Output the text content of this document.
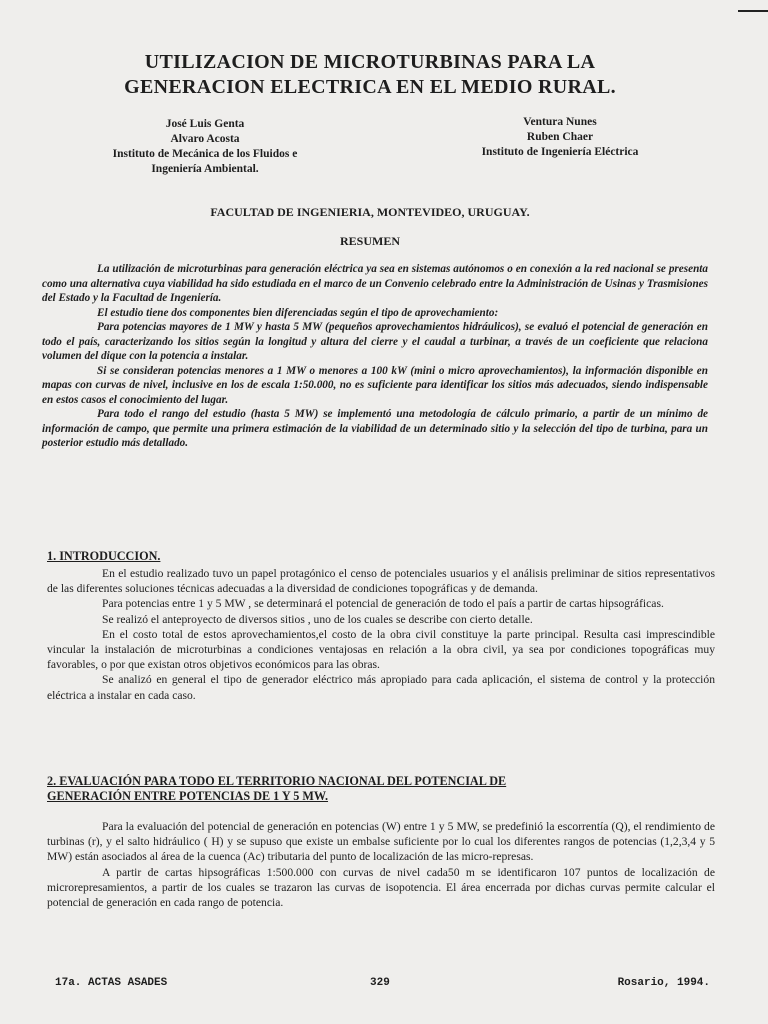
UTILIZACION DE MICROTURBINAS PARA LA
GENERACION ELECTRICA EN EL MEDIO RURAL.
José Luis Genta
Alvaro Acosta
Instituto de Mecánica de los Fluidos e
Ingeniería Ambiental.
Ventura Nunes
Ruben Chaer
Instituto de Ingeniería Eléctrica
FACULTAD DE INGENIERIA, MONTEVIDEO, URUGUAY.
RESUMEN

La utilización de microturbinas para generación eléctrica ya sea en sistemas autónomos o en conexión a la red nacional se presenta como una alternativa cuya viabilidad ha sido estudiada en el marco de un Convenio celebrado entre la Administración de Usinas y Trasmisiones del Estado y la Facultad de Ingeniería.

El estudio tiene dos componentes bien diferenciadas según el tipo de aprovechamiento:

Para potencias mayores de 1 MW y hasta 5 MW (pequeños aprovechamientos hidráulicos), se evaluó el potencial de generación en todo el país, caracterizando los sitios según la longitud y altura del cierre y el caudal a turbinar, a través de un coeficiente que relaciona volumen del dique con la potencia a instalar.

Si se consideran potencias menores a 1 MW o menores a 100 kW (mini o micro aprovechamientos), la información disponible en mapas con curvas de nivel, inclusive en los de escala 1:50.000, no es suficiente para identificar los sitios más adecuados, siendo indispensable en estos casos el conocimiento del lugar.

Para todo el rango del estudio (hasta 5 MW) se implementó una metodología de cálculo primario, a partir de un mínimo de información de campo, que permite una primera estimación de la viabilidad de un determinado sitio y la selección del tipo de turbina, para un posterior estudio más detallado.

1. INTRODUCCION.

En el estudio realizado tuvo un papel protagónico el censo de potenciales usuarios y el análisis preliminar de sitios representativos de las diferentes soluciones técnicas adecuadas a la diversidad de condiciones topográficas y de demanda.

Para potencias entre 1 y 5 MW , se determinará el potencial de generación de todo el país a partir de cartas hipsográficas.

Se realizó el anteproyecto de diversos sitios , uno de los cuales se describe con cierto detalle.

En el costo total de estos aprovechamientos,el costo de la obra civil constituye la parte principal. Resulta casi imprescindible vincular la instalación de microturbinas a condiciones ventajosas en relación a la obra civil, ya sea por condiciones topográficas muy favorables, o por que existan otros objetivos económicos para las obras.

Se analizó en general el tipo de generador eléctrico más apropiado para cada aplicación, el sistema de control y la protección eléctrica a instalar en cada caso.

2. EVALUACIÓN PARA TODO EL TERRITORIO NACIONAL DEL POTENCIAL DE
GENERACIÓN ENTRE POTENCIAS DE 1 Y 5 MW.

Para la evaluación del potencial de generación en potencias (W) entre 1 y 5 MW, se predefinió la escorrentía (Q), el rendimiento de turbinas (r), y el salto hidráulico ( H) y se supuso que existe un embalse suficiente por lo cual los diferentes rangos de potencias (1,2,3,4 y 5 MW) están asociados al área de la cuenca (Ac) tributaria del punto de localización de las micro-represas.

A partir de cartas hipsográficas 1:500.000 con curvas de nivel cada50 m se identificaron 107 puntos de localización de microrepresamientos, a partir de los cuales se trazaron las curvas de isopotencia. El área encerrada por dichas curvas permite calcular el potencial de generación en cada rango de potencia.

17a. ACTAS ASADES	329	Rosario, 1994.
